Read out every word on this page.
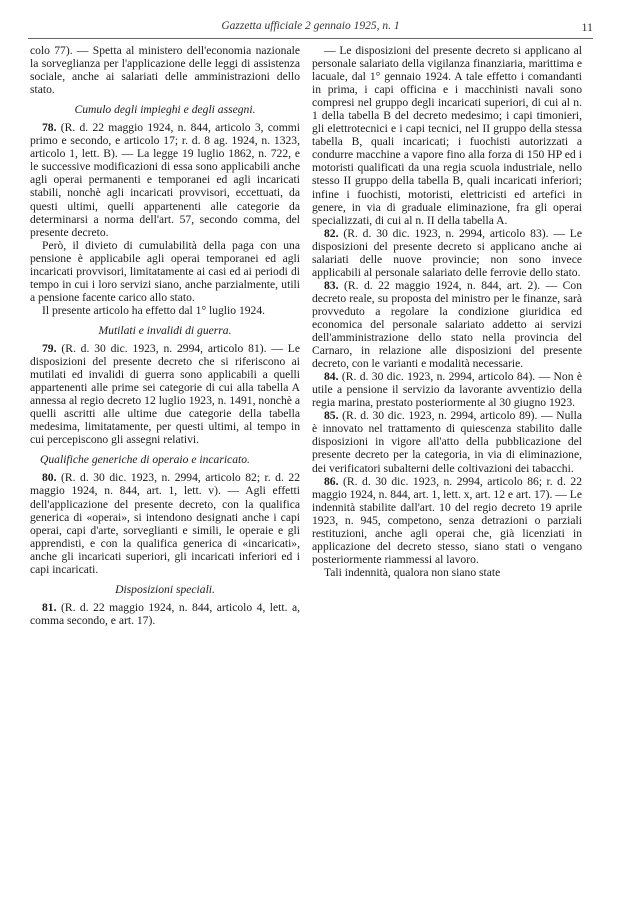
Gazzetta ufficiale 2 gennaio 1925, n. 1	11

colo 77). — Spetta al ministero dell'economia nazionale la sorveglianza per l'applicazione delle leggi di assistenza sociale, anche ai salariati delle amministrazioni dello stato.

Cumulo degli impieghi e degli assegni.

78. (R. d. 22 maggio 1924, n. 844, articolo 3, commi primo e secondo, e articolo 17; r. d. 8 ag. 1924, n. 1323, articolo 1, lett. B). — La legge 19 luglio 1862, n. 722, e le successive modificazioni di essa sono applicabili anche agli operai permanenti e temporanei ed agli incaricati stabili, nonchè agli incaricati provvisori, eccettuati, da questi ultimi, quelli appartenenti alle categorie da determinarsi a norma dell'art. 57, secondo comma, del presente decreto.

Però, il divieto di cumulabilità della paga con una pensione è applicabile agli operai temporanei ed agli incaricati provvisori, limitatamente ai casi ed ai periodi di tempo in cui i loro servizi siano, anche parzialmente, utili a pensione facente carico allo stato.

Il presente articolo ha effetto dal 1° luglio 1924.

Mutilati e invalidi di guerra.

79. (R. d. 30 dic. 1923, n. 2994, articolo 81). — Le disposizioni del presente decreto che si riferiscono ai mutilati ed invalidi di guerra sono applicabili a quelli appartenenti alle prime sei categorie di cui alla tabella A annessa al regio decreto 12 luglio 1923, n. 1491, nonchè a quelli ascritti alle ultime due categorie della tabella medesima, limitatamente, per questi ultimi, al tempo in cui percepiscono gli assegni relativi.

Qualifiche generiche di operaio e incaricato.

80. (R. d. 30 dic. 1923, n. 2994, articolo 82; r. d. 22 maggio 1924, n. 844, art. 1, lett. v). — Agli effetti dell'applicazione del presente decreto, con la qualifica generica di «operai», si intendono designati anche i capi operai, capi d'arte, sorveglianti e simili, le operaie e gli apprendisti, e con la qualifica generica di «incaricati», anche gli incaricati superiori, gli incaricati inferiori ed i capi incaricati.

Disposizioni speciali.

81. (R. d. 22 maggio 1924, n. 844, articolo 4, lett. a, comma secondo, e art. 17).

— Le disposizioni del presente decreto si applicano al personale salariato della vigilanza finanziaria, marittima e lacuale, dal 1° gennaio 1924. A tale effetto i comandanti in prima, i capi officina e i macchinisti navali sono compresi nel gruppo degli incaricati superiori, di cui al n. 1 della tabella B del decreto medesimo; i capi timonieri, gli elettrotecnici e i capi tecnici, nel II gruppo della stessa tabella B, quali incaricati; i fuochisti autorizzati a condurre macchine a vapore fino alla forza di 150 HP ed i motoristi qualificati da una regia scuola industriale, nello stesso II gruppo della tabella B, quali incaricati inferiori; infine i fuochisti, motoristi, elettricisti ed artefici in genere, in via di graduale eliminazione, fra gli operai specializzati, di cui al n. II della tabella A.

82. (R. d. 30 dic. 1923, n. 2994, articolo 83). — Le disposizioni del presente decreto si applicano anche ai salariati delle nuove provincie; non sono invece applicabili al personale salariato delle ferrovie dello stato.

83. (R. d. 22 maggio 1924, n. 844, art. 2). — Con decreto reale, su proposta del ministro per le finanze, sarà provveduto a regolare la condizione giuridica ed economica del personale salariato addetto ai servizi dell'amministrazione dello stato nella provincia del Carnaro, in relazione alle disposizioni del presente decreto, con le varianti e modalità necessarie.

84. (R. d. 30 dic. 1923, n. 2994, articolo 84). — Non è utile a pensione il servizio da lavorante avventizio della regia marina, prestato posteriormente al 30 giugno 1923.

85. (R. d. 30 dic. 1923, n. 2994, articolo 89). — Nulla è innovato nel trattamento di quiescenza stabilito dalle disposizioni in vigore all'atto della pubblicazione del presente decreto per la categoria, in via di eliminazione, dei verificatori subalterni delle coltivazioni dei tabacchi.

86. (R. d. 30 dic. 1923, n. 2994, articolo 86; r. d. 22 maggio 1924, n. 844, art. 1, lett. x, art. 12 e art. 17). — Le indennità stabilite dall'art. 10 del regio decreto 19 aprile 1923, n. 945, competono, senza detrazioni o parziali restituzioni, anche agli operai che, già licenziati in applicazione del decreto stesso, siano stati o vengano posteriormente riammessi al lavoro.

Tali indennità, qualora non siano state
